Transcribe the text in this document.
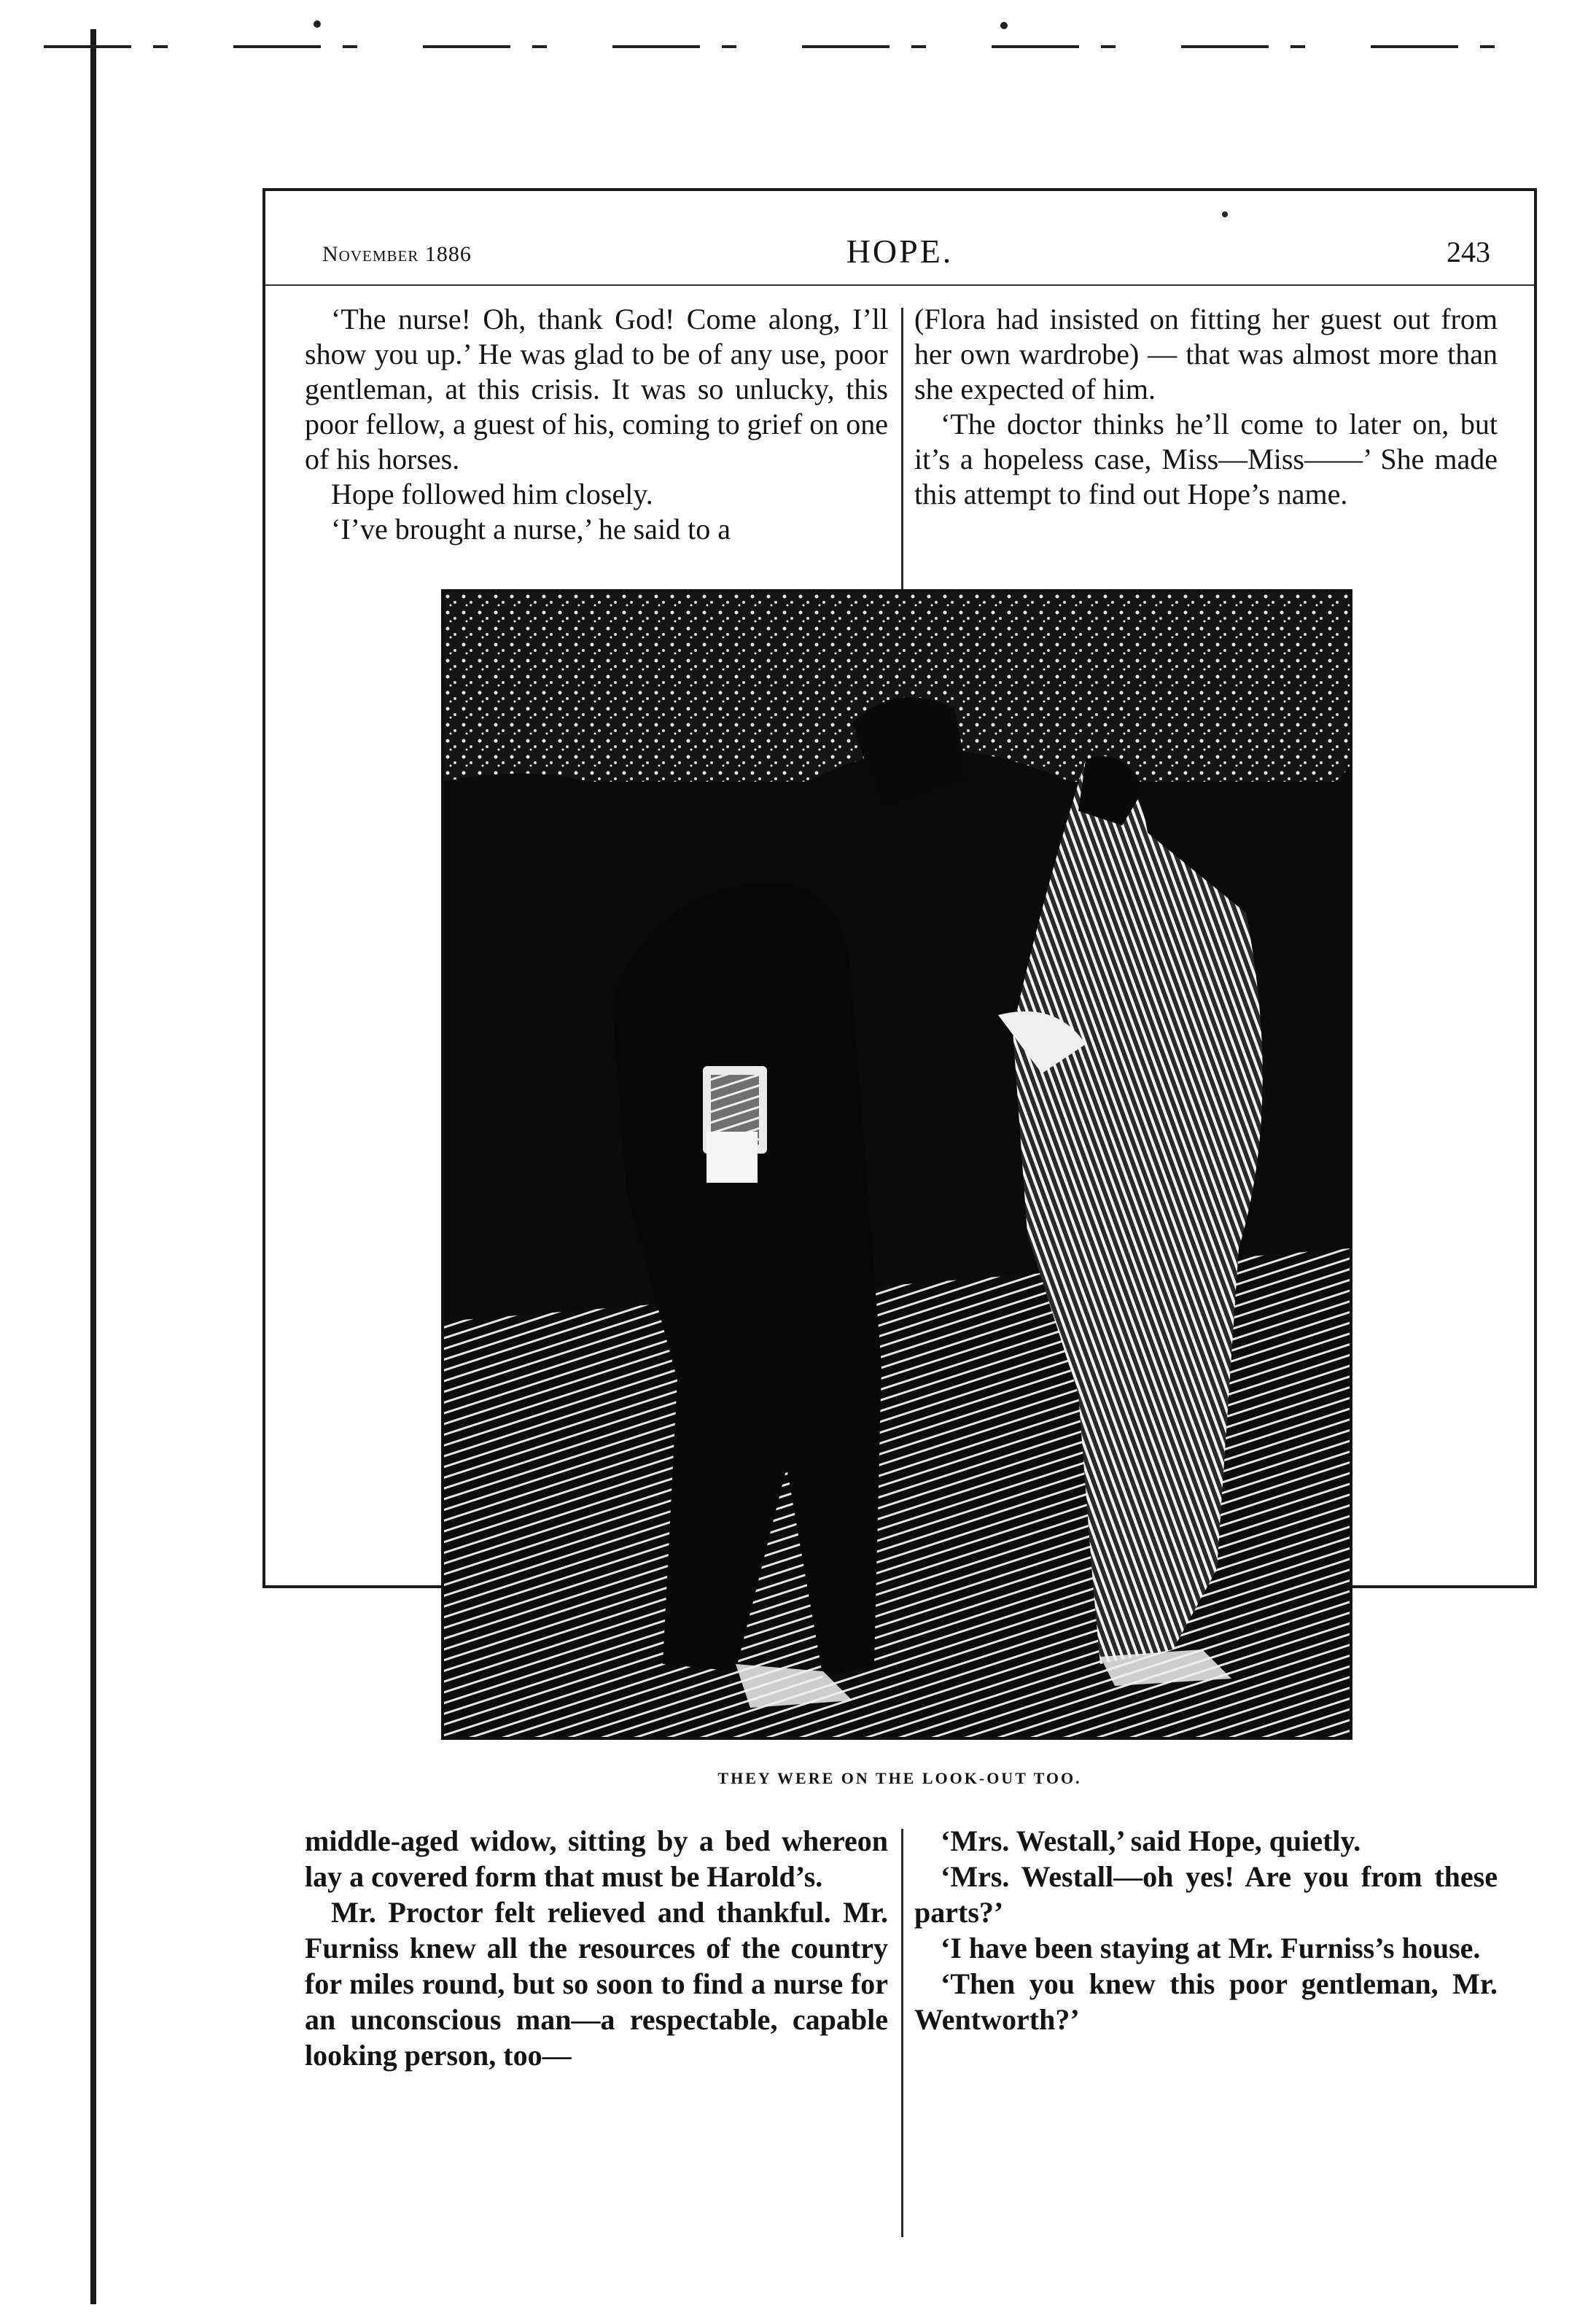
November 1886	HOPE.	243

‘The nurse! Oh, thank God! Come along, I’ll show you up.’ He was glad to be of any use, poor gentleman, at this crisis. It was so unlucky, this poor fellow, a guest of his, coming to grief on one of his horses.

Hope followed him closely.

‘I’ve brought a nurse,’ he said to a

(Flora had insisted on fitting her guest out from her own wardrobe) — that was almost more than she expected of him.

‘The doctor thinks he’ll come to later on, but it’s a hopeless case, Miss—Miss——’ She made this attempt to find out Hope’s name.

middle-aged widow, sitting by a bed whereon lay a covered form that must be Harold’s.

Mr. Proctor felt relieved and thankful. Mr. Furniss knew all the resources of the country for miles round, but so soon to find a nurse for an unconscious man—a respectable, capable looking person, too—

‘Mrs. Westall,’ said Hope, quietly.

‘Mrs. Westall—oh yes! Are you from these parts?’

‘I have been staying at Mr. Furniss’s house.

‘Then you knew this poor gentleman, Mr. Wentworth?’

THEY WERE ON THE LOOK-OUT TOO.
